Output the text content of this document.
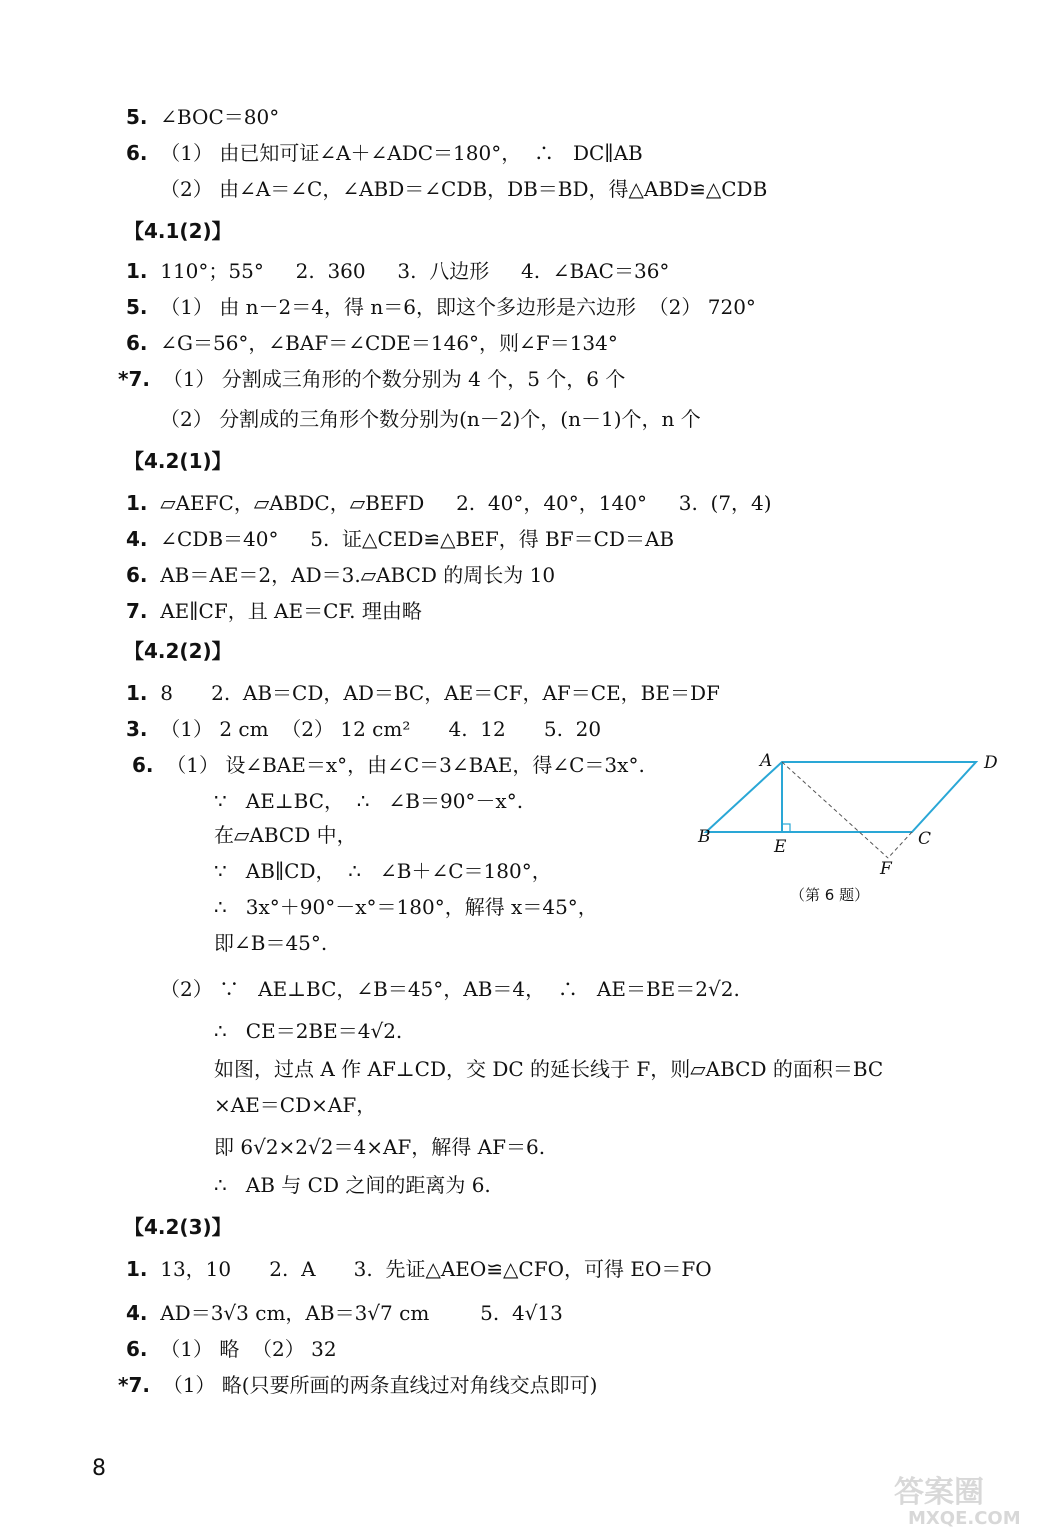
5. ∠BOC＝80°
6. （1） 由已知可证∠A＋∠ADC＝180°，  ∴   DC∥AB
（2） 由∠A＝∠C，∠ABD＝∠CDB，DB＝BD，得△ABD≌△CDB
【4.1(2)】
1. 110°；55°     2.  360     3.  八边形     4.  ∠BAC＝36°
5. （1） 由 n－2＝4，得 n＝6，即这个多边形是六边形  （2） 720°
6. ∠G＝56°，∠BAF＝∠CDE＝146°，则∠F＝134°
*7. （1） 分割成三角形的个数分别为 4 个，5 个，6 个
（2） 分割成的三角形个数分别为(n－2)个，(n－1)个，n 个
【4.2(1)】
1. ▱AEFC，▱ABDC，▱BEFD     2.  40°，40°，140°     3.  (7，4)
4. ∠CDB＝40°     5.  证△CED≌△BEF，得 BF＝CD＝AB
6. AB＝AE＝2，AD＝3.▱ABCD 的周长为 10
7. AE∥CF，且 AE＝CF. 理由略
【4.2(2)】
1. 8      2.  AB＝CD，AD＝BC，AE＝CF，AF＝CE，BE＝DF
3. （1） 2 cm  （2） 12 cm²      4.  12      5.  20
6. （1） 设∠BAE＝x°，由∠C＝3∠BAE，得∠C＝3x°.
∵   AE⊥BC，  ∴   ∠B＝90°－x°.
在▱ABCD 中，
∵   AB∥CD，  ∴   ∠B＋∠C＝180°，
∴   3x°＋90°－x°＝180°，解得 x＝45°，
即∠B＝45°.
（2） ∵   AE⊥BC，∠B＝45°，AB＝4，  ∴   AE＝BE＝2√2.
∴   CE＝2BE＝4√2.
如图，过点 A 作 AF⊥CD，交 DC 的延长线于 F，则▱ABCD 的面积＝BC
×AE＝CD×AF，
即 6√2×2√2＝4×AF，解得 AF＝6.
∴   AB 与 CD 之间的距离为 6.
【4.2(3)】
1. 13，10      2.  A      3.  先证△AEO≌△CFO，可得 EO＝FO
4. AD＝3√3 cm，AB＝3√7 cm        5.  4√13
6. （1） 略  （2） 32
*7. （1） 略(只要所画的两条直线过对角线交点即可)
A	D
B	C
E
F
（第 6 题）
8
答案圈
MXQE.COM
